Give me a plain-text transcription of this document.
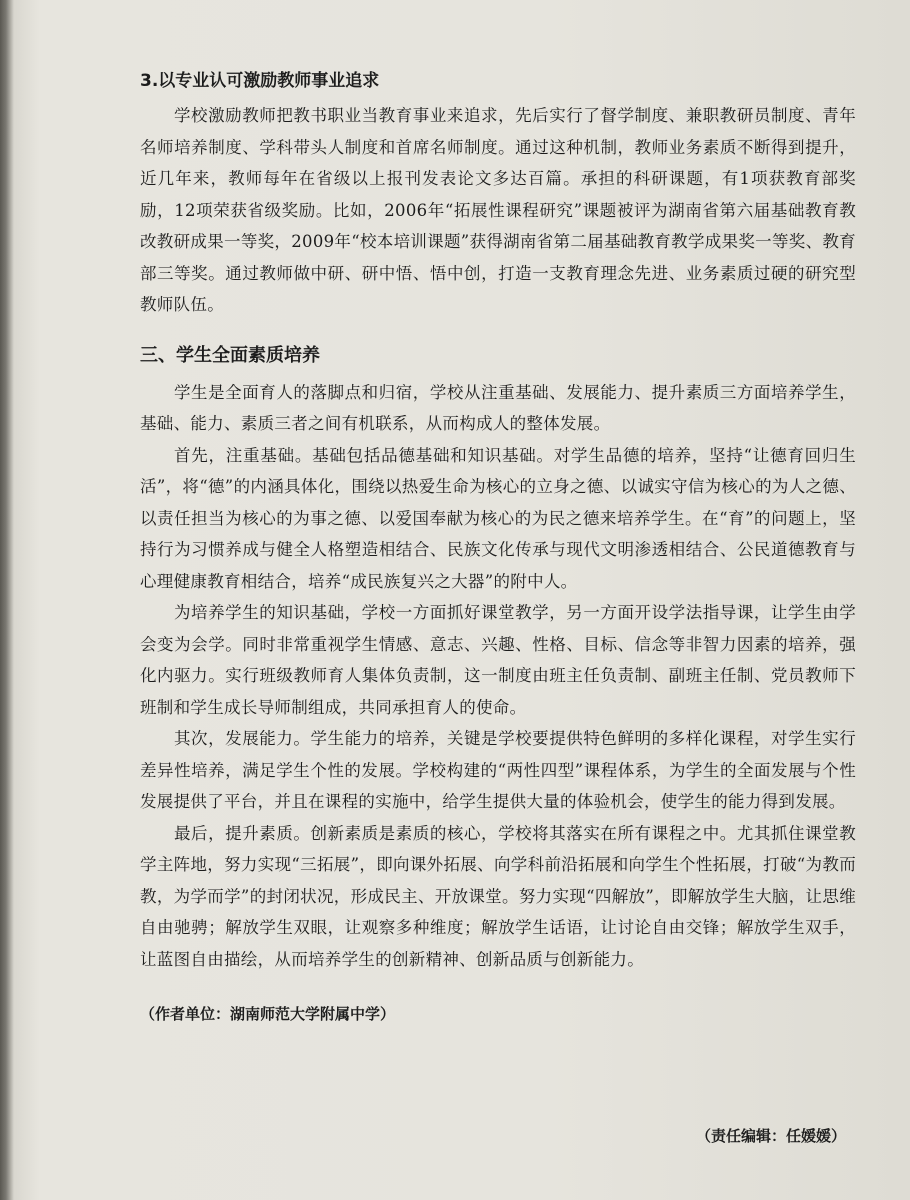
3.以专业认可激励教师事业追求

学校激励教师把教书职业当教育事业来追求，先后实行了督学制度、兼职教研员制度、青年名师培养制度、学科带头人制度和首席名师制度。通过这种机制，教师业务素质不断得到提升，近几年来，教师每年在省级以上报刊发表论文多达百篇。承担的科研课题，有1项获教育部奖励，12项荣获省级奖励。比如，2006年“拓展性课程研究”课题被评为湖南省第六届基础教育教改教研成果一等奖，2009年“校本培训课题”获得湖南省第二届基础教育教学成果奖一等奖、教育部三等奖。通过教师做中研、研中悟、悟中创，打造一支教育理念先进、业务素质过硬的研究型教师队伍。

三、学生全面素质培养

学生是全面育人的落脚点和归宿，学校从注重基础、发展能力、提升素质三方面培养学生，基础、能力、素质三者之间有机联系，从而构成人的整体发展。

首先，注重基础。基础包括品德基础和知识基础。对学生品德的培养，坚持“让德育回归生活”，将“德”的内涵具体化，围绕以热爱生命为核心的立身之德、以诚实守信为核心的为人之德、以责任担当为核心的为事之德、以爱国奉献为核心的为民之德来培养学生。在“育”的问题上，坚持行为习惯养成与健全人格塑造相结合、民族文化传承与现代文明渗透相结合、公民道德教育与心理健康教育相结合，培养“成民族复兴之大器”的附中人。

为培养学生的知识基础，学校一方面抓好课堂教学，另一方面开设学法指导课，让学生由学会变为会学。同时非常重视学生情感、意志、兴趣、性格、目标、信念等非智力因素的培养，强化内驱力。实行班级教师育人集体负责制，这一制度由班主任负责制、副班主任制、党员教师下班制和学生成长导师制组成，共同承担育人的使命。

其次，发展能力。学生能力的培养，关键是学校要提供特色鲜明的多样化课程，对学生实行差异性培养，满足学生个性的发展。学校构建的“两性四型”课程体系，为学生的全面发展与个性发展提供了平台，并且在课程的实施中，给学生提供大量的体验机会，使学生的能力得到发展。

最后，提升素质。创新素质是素质的核心，学校将其落实在所有课程之中。尤其抓住课堂教学主阵地，努力实现“三拓展”，即向课外拓展、向学科前沿拓展和向学生个性拓展，打破“为教而教，为学而学”的封闭状况，形成民主、开放课堂。努力实现“四解放”，即解放学生大脑，让思维自由驰骋；解放学生双眼，让观察多种维度；解放学生话语，让讨论自由交锋；解放学生双手，让蓝图自由描绘，从而培养学生的创新精神、创新品质与创新能力。

（作者单位：湖南师范大学附属中学）
（责任编辑：任媛媛）
